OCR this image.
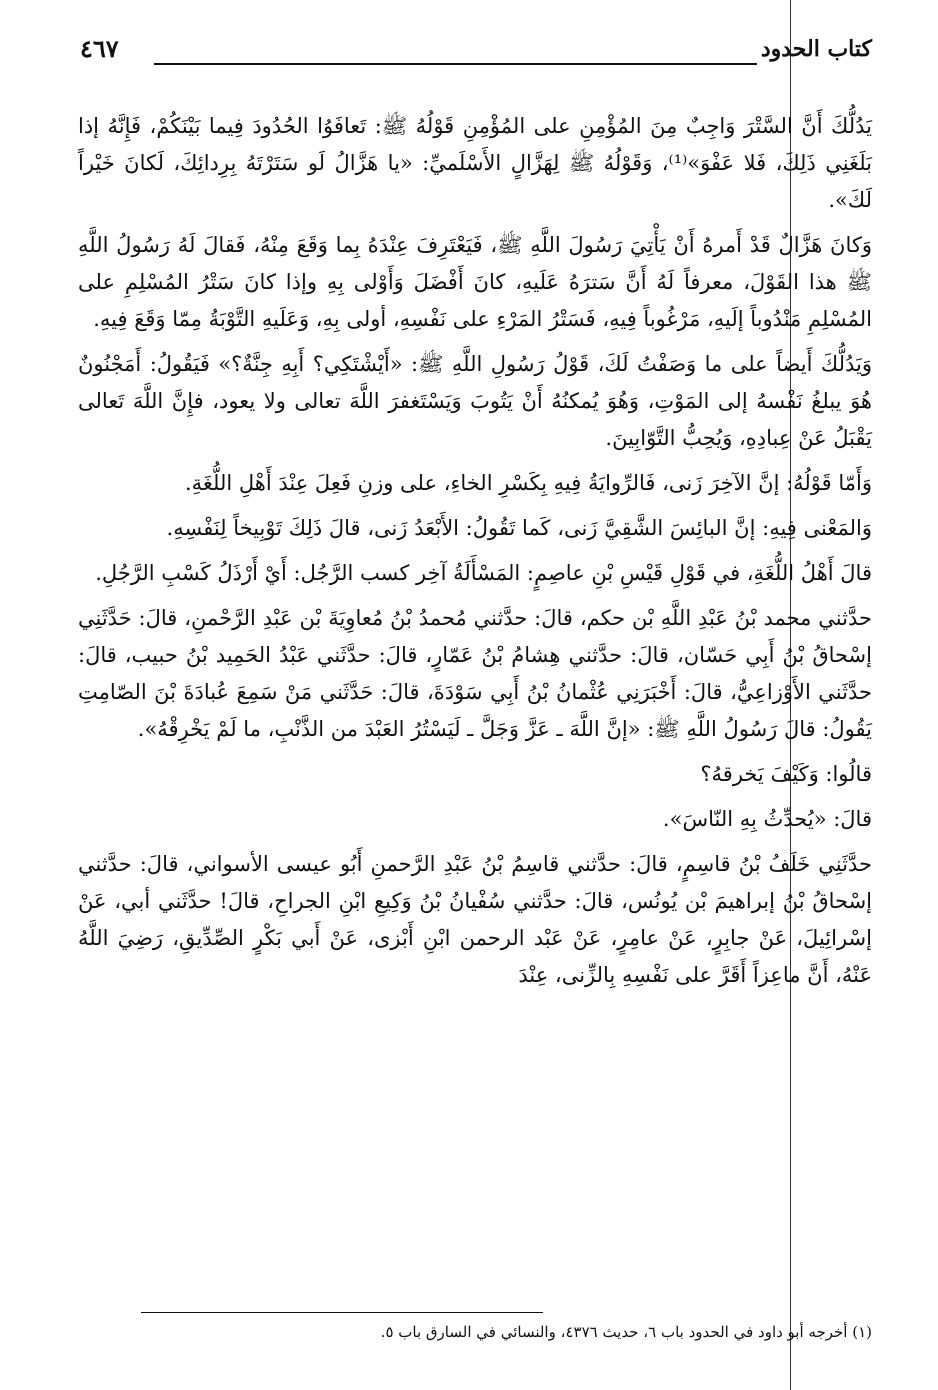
كتاب الحدود
٤٦٧

يَدُلُّكَ أَنَّ السَّتْرَ وَاجِبٌ مِنَ المُؤْمِنِ على المُؤْمِنِ قَوْلُهُ ﷺ: تَعافَوُا الحُدُودَ فِيما بَيْنَكُمْ، فَإِنَّهُ إذا بَلَغَنِي ذَلِكَ، فَلا عَفْوَ»⁽¹⁾، وَقَوْلُهُ ﷺ لِهَزَّالٍ الأَسْلَميِّ: «يا هَزَّالُ لَو سَتَرْتَهُ بِرِدائِكَ، لَكانَ خَيْراً لَكَ».

وَكانَ هَزَّالٌ قَدْ أَمرهُ أَنْ يَأْتِيَ رَسُولَ اللَّهِ ﷺ، فَيَعْتَرِفَ عِنْدَهُ بِما وَقَعَ مِنْهُ، فَقالَ لَهُ رَسُولُ اللَّهِ ﷺ هذا القَوْلَ، معرفاً لَهُ أَنَّ سَترَهُ عَلَيهِ، كانَ أَفْضَلَ وَأَوْلى بِهِ وإذا كانَ سَتْرُ المُسْلِمِ على المُسْلِمِ مَنْدُوباً إلَيهِ، مَرْغُوباً فِيهِ، فَسَتْرُ المَرْءِ على نَفْسِهِ، أولى بِهِ، وَعَلَيهِ التَّوْبَةُ مِمّا وَقَعَ فِيهِ.

وَيَدُلُّكَ أَيضاً على ما وَصَفْتُ لَكَ، قَوْلُ رَسُولِ اللَّهِ ﷺ: «أَيْشْتَكِي؟ أَبِهِ جِنَّةٌ؟» فَيَقُولُ: أَمَجْنُونٌ هُوَ يبلغُ نَفْسهُ إلى المَوْتِ، وَهُوَ يُمكنُهُ أَنْ يَتُوبَ وَيَسْتَغفرَ اللَّهَ تعالى ولا يعود، فإِنَّ اللَّهَ تَعالى يَقْبَلُ عَنْ عِبادِهِ، وَيُحِبُّ التَّوّابِينَ.

وَأَمّا قَوْلُهُ: إنَّ الآخِرَ زَنى، فَالرِّوايَةُ فِيهِ بِكَسْرِ الخاءِ، على وزنِ فَعِلَ عِنْدَ أَهْلِ اللُّغَةِ.

وَالمَعْنى فِيهِ: إنَّ البائِسَ الشَّقِيَّ زَنى، كَما تَقُولُ: الأَبْعَدُ زَنى، قالَ ذَلِكَ تَوْبِيخاً لِنَفْسِهِ.

قالَ أَهْلُ اللُّغَةِ، في قَوْلِ قَيْسِ بْنِ عاصِمٍ: المَسْأَلَةُ آخِر كسب الرَّجُل: أَيْ أَرْذَلُ كَسْبِ الرَّجُلِ.

حدَّثني محمد بْنُ عَبْدِ اللَّهِ بْن حكم، قالَ: حدَّثني مُحمدُ بْنُ مُعاوِيَةَ بْن عَبْدِ الرَّحْمنِ، قالَ: حَدَّثَنِي إسْحاقُ بْنُ أَبِي حَسّان، قالَ: حدَّثني هِشامُ بْنُ عَمّارٍ، قالَ: حدَّثَني عَبْدُ الحَمِيد بْنُ حبيب، قالَ: حدَّثَني الأَوْزاعِيُّ، قالَ: أَخْبَرَنِي عُثْمانُ بْنُ أَبِي سَوْدَةَ، قالَ: حَدَّثَني مَنْ سَمِعَ عُبادَةَ بْنَ الصّامِتِ يَقُولُ: قالَ رَسُولُ اللَّهِ ﷺ: «إنَّ اللَّهَ ـ عَزَّ وَجَلَّ ـ لَيَسْتُرُ العَبْدَ من الذَّنْبِ، ما لَمْ يَخْرِقْهُ».

قالُوا: وَكَيْفَ يَخرقهُ؟

قالَ: «يُحدِّثُ بِهِ النّاسَ».

حدَّثَنِي خَلَفُ بْنُ قاسِمٍ، قالَ: حدَّثني قاسِمُ بْنُ عَبْدِ الرَّحمنِ أَبُو عيسى الأسواني، قالَ: حدَّثني إسْحاقُ بْنُ إبراهيمَ بْن يُونُس، قالَ: حدَّثني سُفْيانُ بْنُ وَكِيعِ ابْنِ الجراحِ، قالَ! حدَّثَني أبي، عَنْ إسْرائِيلَ، عَنْ جابِرٍ، عَنْ عامِرٍ، عَنْ عَبْد الرحمن ابْنِ أَبْزى، عَنْ أَبي بَكْرٍ الصِّدِّيقِ، رَضِيَ اللَّهُ عَنْهُ، أَنَّ ماعِزاً أَقَرَّ على نَفْسِهِ بِالزِّنى، عِنْدَ

(١) أخرجه أبو داود في الحدود باب ٦، حديث ٤٣٧٦، والنسائي في السارق باب ٥.
